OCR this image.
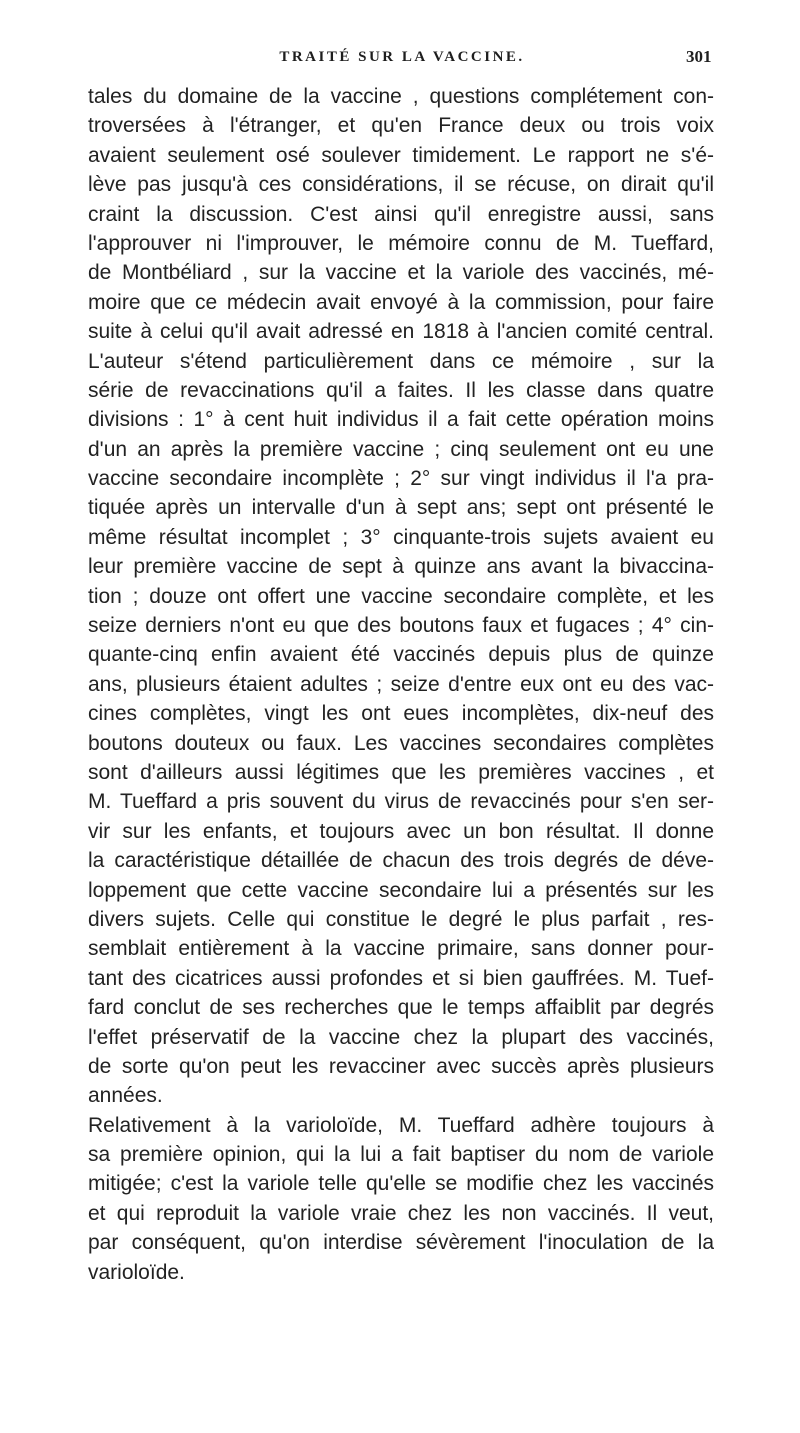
TRAITÉ SUR LA VACCINE.	301
tales du domaine de la vaccine , questions complétement con-
troversées à l'étranger, et qu'en France deux ou trois voix
avaient seulement osé soulever timidement. Le rapport ne s'é-
lève pas jusqu'à ces considérations, il se récuse, on dirait qu'il
craint la discussion. C'est ainsi qu'il enregistre aussi, sans
l'approuver ni l'improuver, le mémoire connu de M. Tueffard,
de Montbéliard , sur la vaccine et la variole des vaccinés, mé-
moire que ce médecin avait envoyé à la commission, pour faire
suite à celui qu'il avait adressé en 1818 à l'ancien comité central.
L'auteur s'étend particulièrement dans ce mémoire , sur la
série de revaccinations qu'il a faites. Il les classe dans quatre
divisions : 1° à cent huit individus il a fait cette opération moins
d'un an après la première vaccine ; cinq seulement ont eu une
vaccine secondaire incomplète ; 2° sur vingt individus il l'a pra-
tiquée après un intervalle d'un à sept ans; sept ont présenté le
même résultat incomplet ; 3° cinquante-trois sujets avaient eu
leur première vaccine de sept à quinze ans avant la bivaccina-
tion ; douze ont offert une vaccine secondaire complète, et les
seize derniers n'ont eu que des boutons faux et fugaces ; 4° cin-
quante-cinq enfin avaient été vaccinés depuis plus de quinze
ans, plusieurs étaient adultes ; seize d'entre eux ont eu des vac-
cines complètes, vingt les ont eues incomplètes, dix-neuf des
boutons douteux ou faux. Les vaccines secondaires complètes
sont d'ailleurs aussi légitimes que les premières vaccines , et
M. Tueffard a pris souvent du virus de revaccinés pour s'en ser-
vir sur les enfants, et toujours avec un bon résultat. Il donne
la caractéristique détaillée de chacun des trois degrés de déve-
loppement que cette vaccine secondaire lui a présentés sur les
divers sujets. Celle qui constitue le degré le plus parfait , res-
semblait entièrement à la vaccine primaire, sans donner pour-
tant des cicatrices aussi profondes et si bien gauffrées. M. Tuef-
fard conclut de ses recherches que le temps affaiblit par degrés
l'effet préservatif de la vaccine chez la plupart des vaccinés,
de sorte qu'on peut les revacciner avec succès après plusieurs
années.
Relativement à la varioloïde, M. Tueffard adhère toujours à
sa première opinion, qui la lui a fait baptiser du nom de variole
mitigée; c'est la variole telle qu'elle se modifie chez les vaccinés
et qui reproduit la variole vraie chez les non vaccinés. Il veut,
par conséquent, qu'on interdise sévèrement l'inoculation de la
varioloïde.
